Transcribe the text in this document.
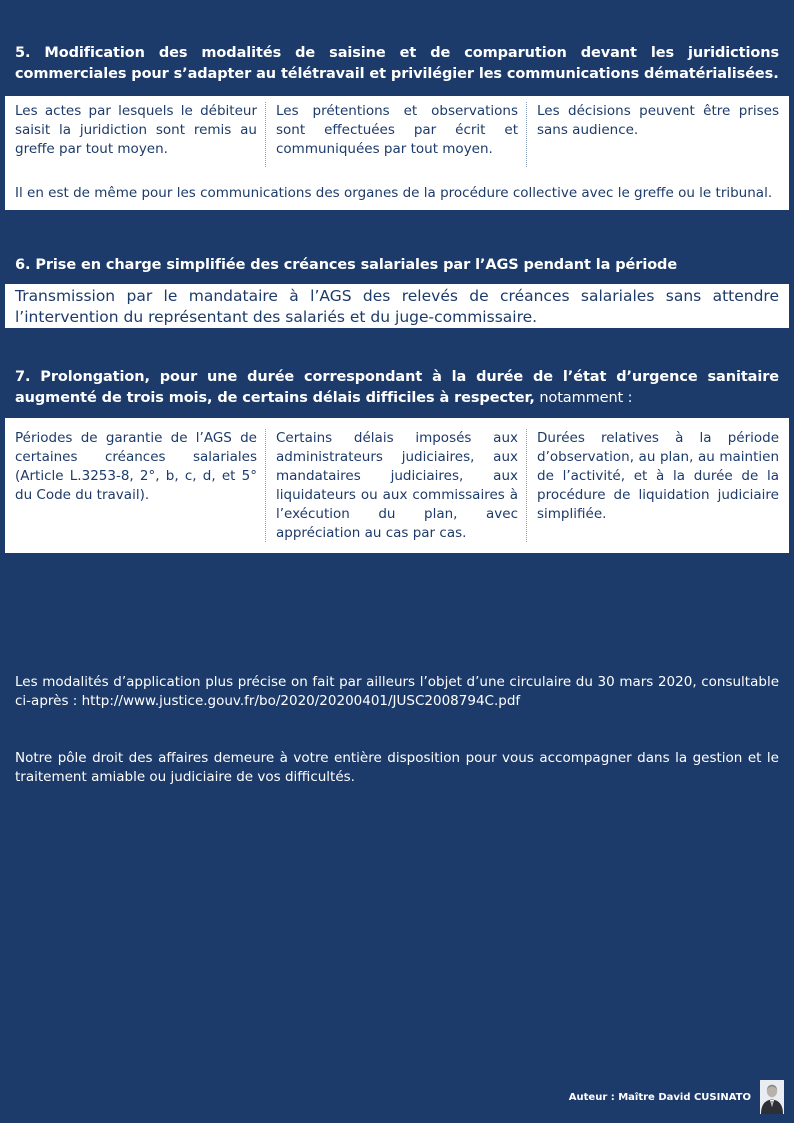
5. Modification des modalités de saisine et de comparution devant les juridictions commerciales pour s’adapter au télétravail et privilégier les communications dématérialisées.

Les actes par lesquels le débiteur saisit la juridiction sont remis au greffe par tout moyen.
Les prétentions et observations sont effectuées par écrit et communiquées par tout moyen.
Les décisions peuvent être prises sans audience.

Il en est de même pour les communications des organes de la procédure collective avec le greffe ou le tribunal.

6. Prise en charge simplifiée des créances salariales par l’AGS pendant la période

Transmission par le mandataire à l’AGS des relevés de créances salariales sans attendre l’intervention du représentant des salariés et du juge-commissaire.

7. Prolongation, pour une durée correspondant à la durée de l’état d’urgence sanitaire augmenté de trois mois, de certains délais difficiles à respecter, notamment :

Périodes de garantie de l’AGS de certaines créances salariales (Article L.3253-8, 2°, b, c, d, et 5° du Code du travail).
Certains délais imposés aux administrateurs judiciaires, aux mandataires judiciaires, aux liquidateurs ou aux commissaires à l’exécution du plan, avec appréciation au cas par cas.
Durées relatives à la période d’observation, au plan, au maintien de l’activité, et à la durée de la procédure de liquidation judiciaire simplifiée.

Les modalités d’application plus précise on fait par ailleurs l’objet d’une circulaire du 30 mars 2020, consultable ci-après : http://www.justice.gouv.fr/bo/2020/20200401/JUSC2008794C.pdf

Notre pôle droit des affaires demeure à votre entière disposition pour vous accompagner dans la gestion et le traitement amiable ou judiciaire de vos difficultés.

Auteur : Maître David CUSINATO
